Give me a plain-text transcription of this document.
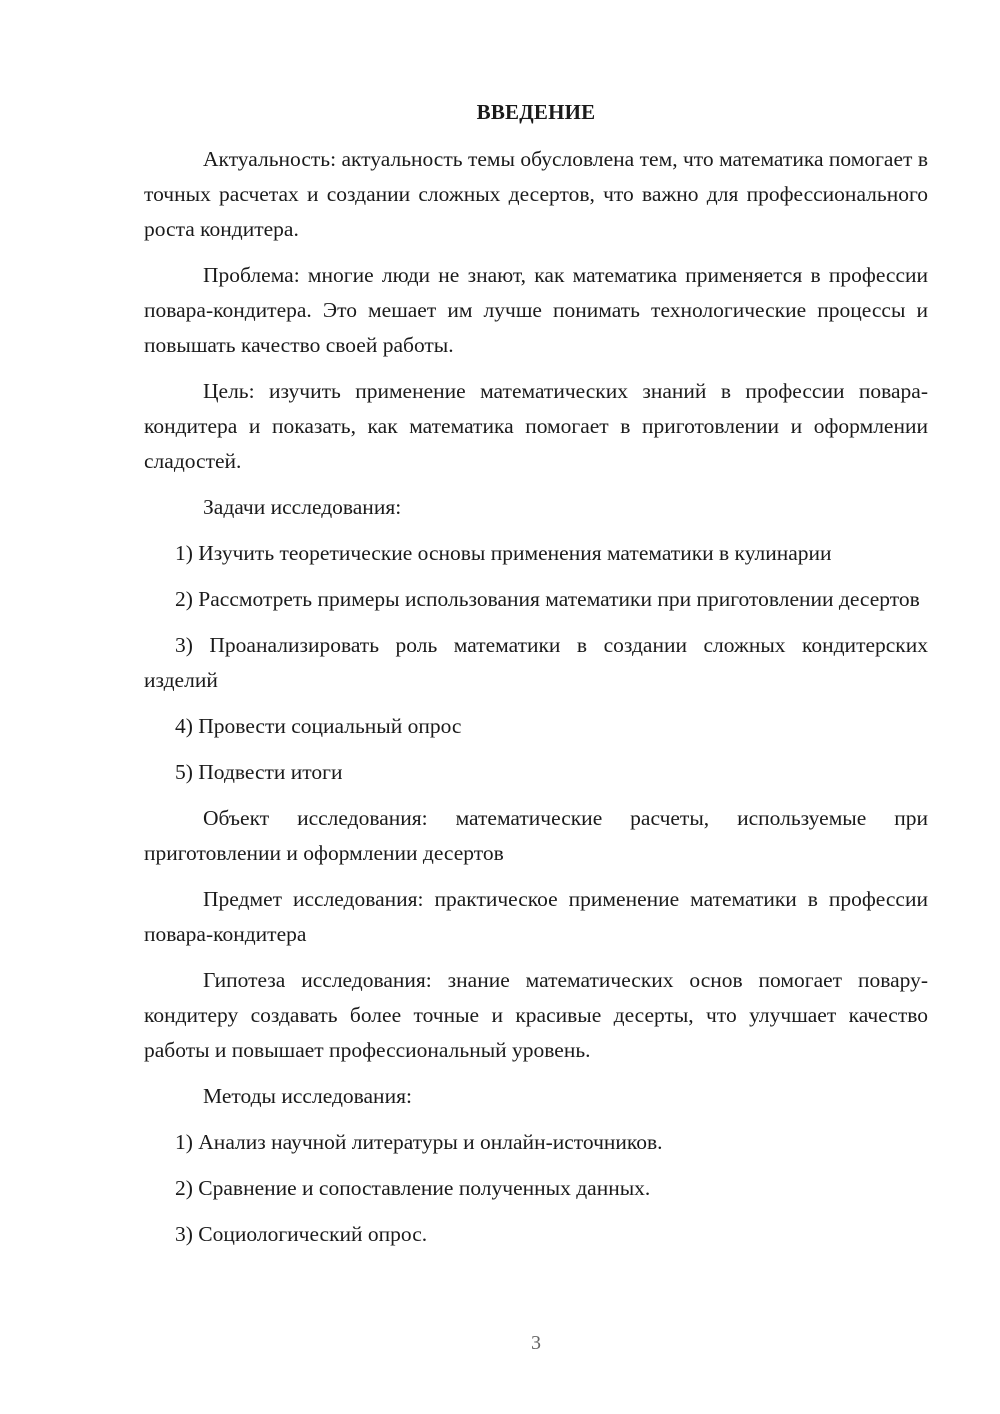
ВВЕДЕНИЕ

Актуальность: актуальность темы обусловлена тем, что математика помогает в точных расчетах и создании сложных десертов, что важно для профессионального роста кондитера.

Проблема: многие люди не знают, как математика применяется в профессии повара-кондитера. Это мешает им лучше понимать технологические процессы и повышать качество своей работы.

Цель: изучить применение математических знаний в профессии повара-кондитера и показать, как математика помогает в приготовлении и оформлении сладостей.

Задачи исследования:

1) Изучить теоретические основы применения математики в кулинарии

2) Рассмотреть примеры использования математики при приготовлении десертов

3) Проанализировать роль математики в создании сложных кондитерских изделий

4) Провести социальный опрос

5) Подвести итоги

Объект исследования: математические расчеты, используемые при приготовлении и оформлении десертов

Предмет исследования: практическое применение математики в профессии повара-кондитера

Гипотеза исследования: знание математических основ помогает повару-кондитеру создавать более точные и красивые десерты, что улучшает качество работы и повышает профессиональный уровень.

Методы исследования:

1) Анализ научной литературы и онлайн-источников.

2) Сравнение и сопоставление полученных данных.

3) Социологический опрос.

3
